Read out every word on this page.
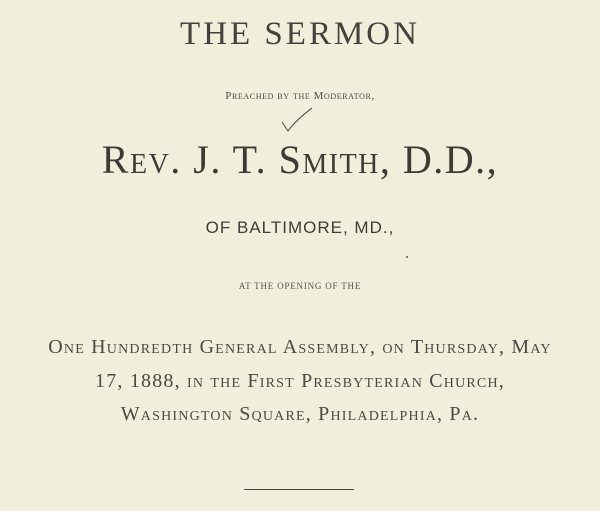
THE SERMON
Preached by the Moderator,
Rev. J. T. Smith, D.D.,
OF BALTIMORE, MD.,
AT THE OPENING OF THE
One Hundredth General Assembly, on Thursday, May
17, 1888, in the First Presbyterian Church,
Washington Square, Philadelphia, Pa.
